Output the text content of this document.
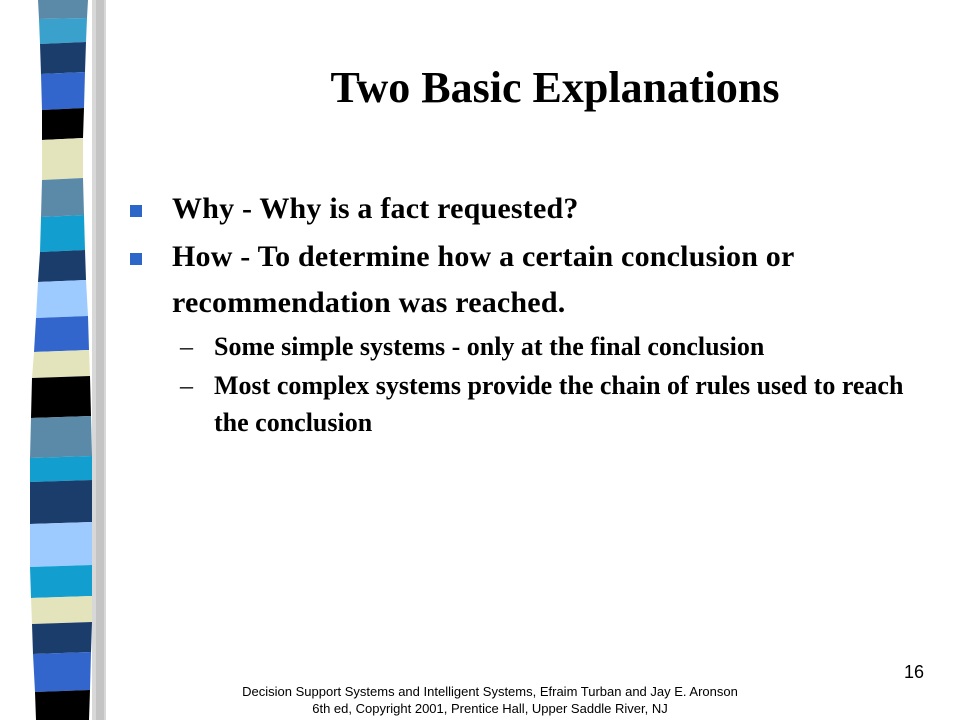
Two Basic Explanations
Why - Why is a fact requested?
How - To determine how a certain conclusion or recommendation was reached.
– Some simple systems - only at the final conclusion
– Most complex systems provide the chain of rules used to reach the conclusion
16
Decision Support Systems and Intelligent Systems, Efraim Turban and Jay E. Aronson
6th ed, Copyright 2001, Prentice Hall, Upper Saddle River, NJ
